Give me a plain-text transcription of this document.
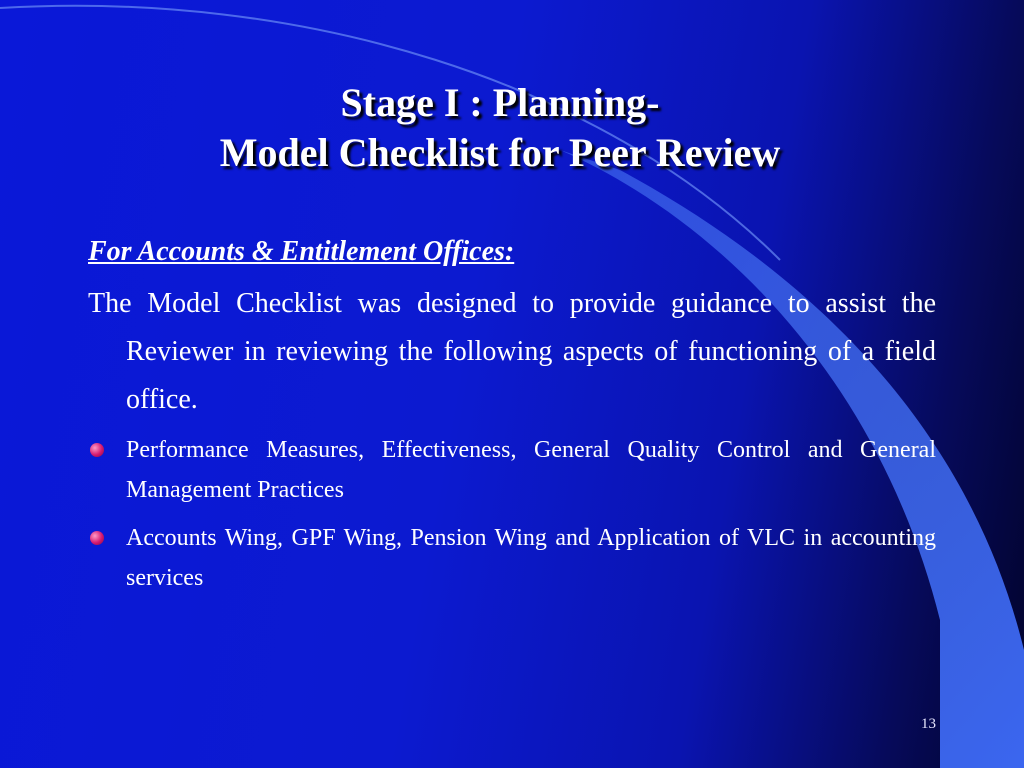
Stage I : Planning-
Model Checklist for Peer Review
For Accounts & Entitlement Offices:
The Model Checklist was designed to provide guidance to assist the Reviewer in reviewing the following aspects of functioning of a field office.
Performance Measures, Effectiveness, General Quality Control and General Management Practices
Accounts Wing, GPF Wing, Pension Wing and Application of VLC in accounting services
13
